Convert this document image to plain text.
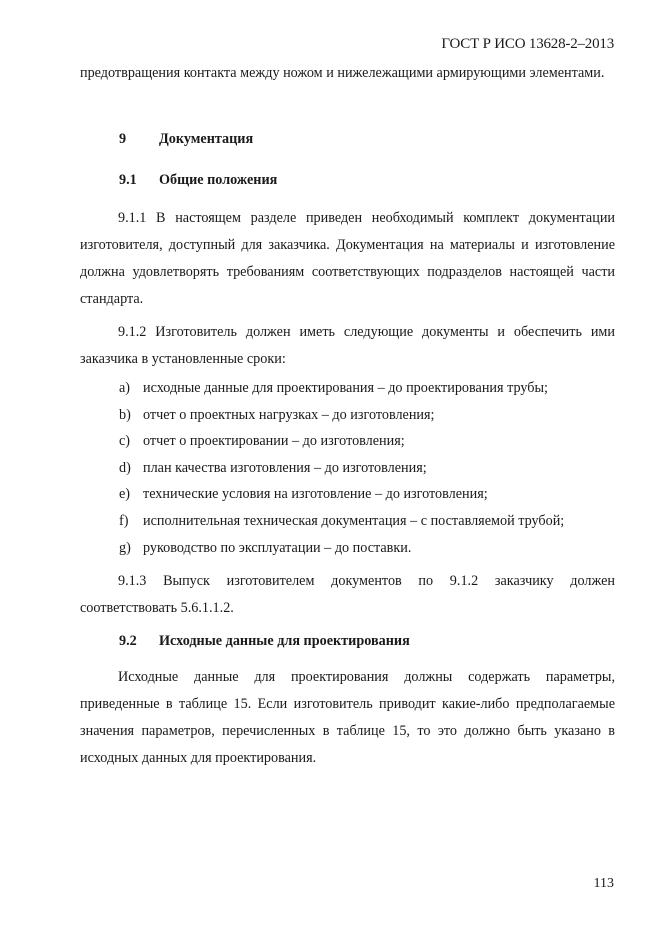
ГОСТ Р ИСО 13628-2–2013

предотвращения контакта между ножом и нижележащими армирующими элементами.

9 Документация
9.1 Общие положения

9.1.1 В настоящем разделе приведен необходимый комплект документации изготовителя, доступный для заказчика. Документация на материалы и изготовление должна удовлетворять требованиям соответствующих подразделов настоящей части стандарта.

9.1.2 Изготовитель должен иметь следующие документы и обеспечить ими заказчика в установленные сроки:

a) исходные данные для проектирования – до проектирования трубы;
b) отчет о проектных нагрузках – до изготовления;
c) отчет о проектировании – до изготовления;
d) план качества изготовления – до изготовления;
e) технические условия на изготовление – до изготовления;
f) исполнительная техническая документация – с поставляемой трубой;
g) руководство по эксплуатации – до поставки.

9.1.3 Выпуск изготовителем документов по 9.1.2 заказчику должен соответствовать 5.6.1.1.2.

9.2 Исходные данные для проектирования

Исходные данные для проектирования должны содержать параметры, приведенные в таблице 15. Если изготовитель приводит какие-либо предполагаемые значения параметров, перечисленных в таблице 15, то это должно быть указано в исходных данных для проектирования.

113
